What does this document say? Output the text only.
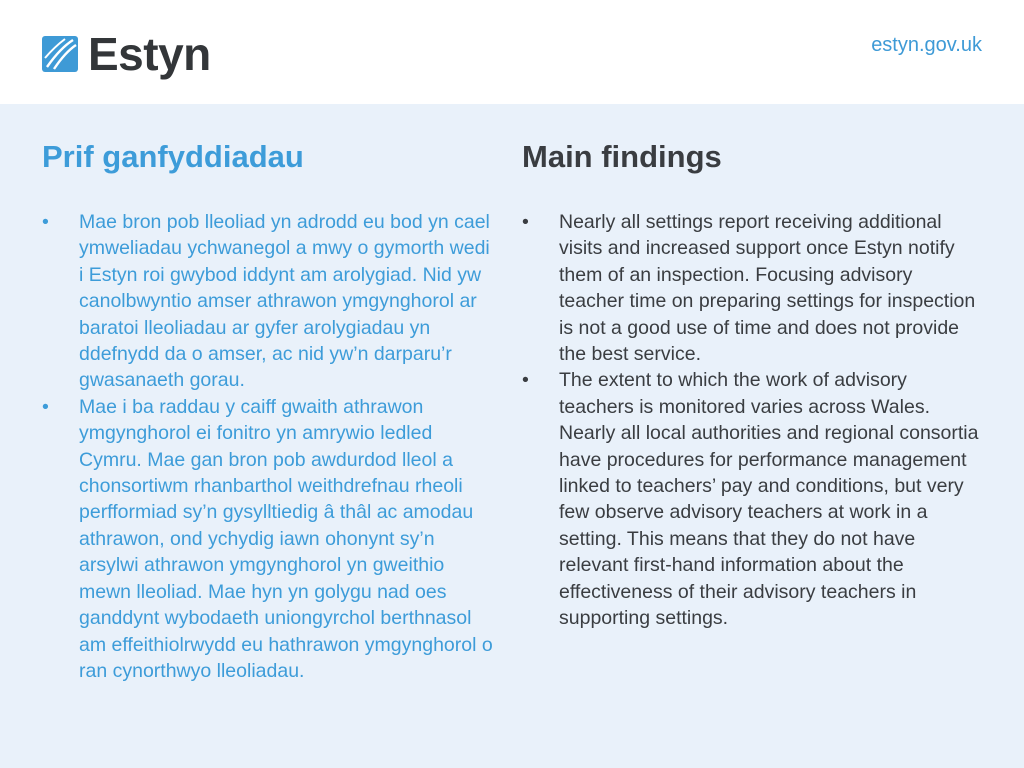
Estyn	estyn.gov.uk
Prif ganfyddiadau
• Mae bron pob lleoliad yn adrodd eu bod yn cael ymweliadau ychwanegol a mwy o gymorth wedi i Estyn roi gwybod iddynt am arolygiad. Nid yw canolbwyntio amser athrawon ymgynghorol ar baratoi lleoliadau ar gyfer arolygiadau yn ddefnydd da o amser, ac nid yw’n darparu’r gwasanaeth gorau.
• Mae i ba raddau y caiff gwaith athrawon ymgynghorol ei fonitro yn amrywio ledled Cymru. Mae gan bron pob awdurdod lleol a chonsortiwm rhanbarthol weithdrefnau rheoli perfformiad sy’n gysylltiedig â thâl ac amodau athrawon, ond ychydig iawn ohonynt sy’n arsylwi athrawon ymgynghorol yn gweithio mewn lleoliad. Mae hyn yn golygu nad oes ganddynt wybodaeth uniongyrchol berthnasol am effeithiolrwydd eu hathrawon ymgynghorol o ran cynorthwyo lleoliadau.
Main findings
• Nearly all settings report receiving additional visits and increased support once Estyn notify them of an inspection. Focusing advisory teacher time on preparing settings for inspection is not a good use of time and does not provide the best service.
• The extent to which the work of advisory teachers is monitored varies across Wales. Nearly all local authorities and regional consortia have procedures for performance management linked to teachers’ pay and conditions, but very few observe advisory teachers at work in a setting. This means that they do not have relevant first-hand information about the effectiveness of their advisory teachers in supporting settings.
